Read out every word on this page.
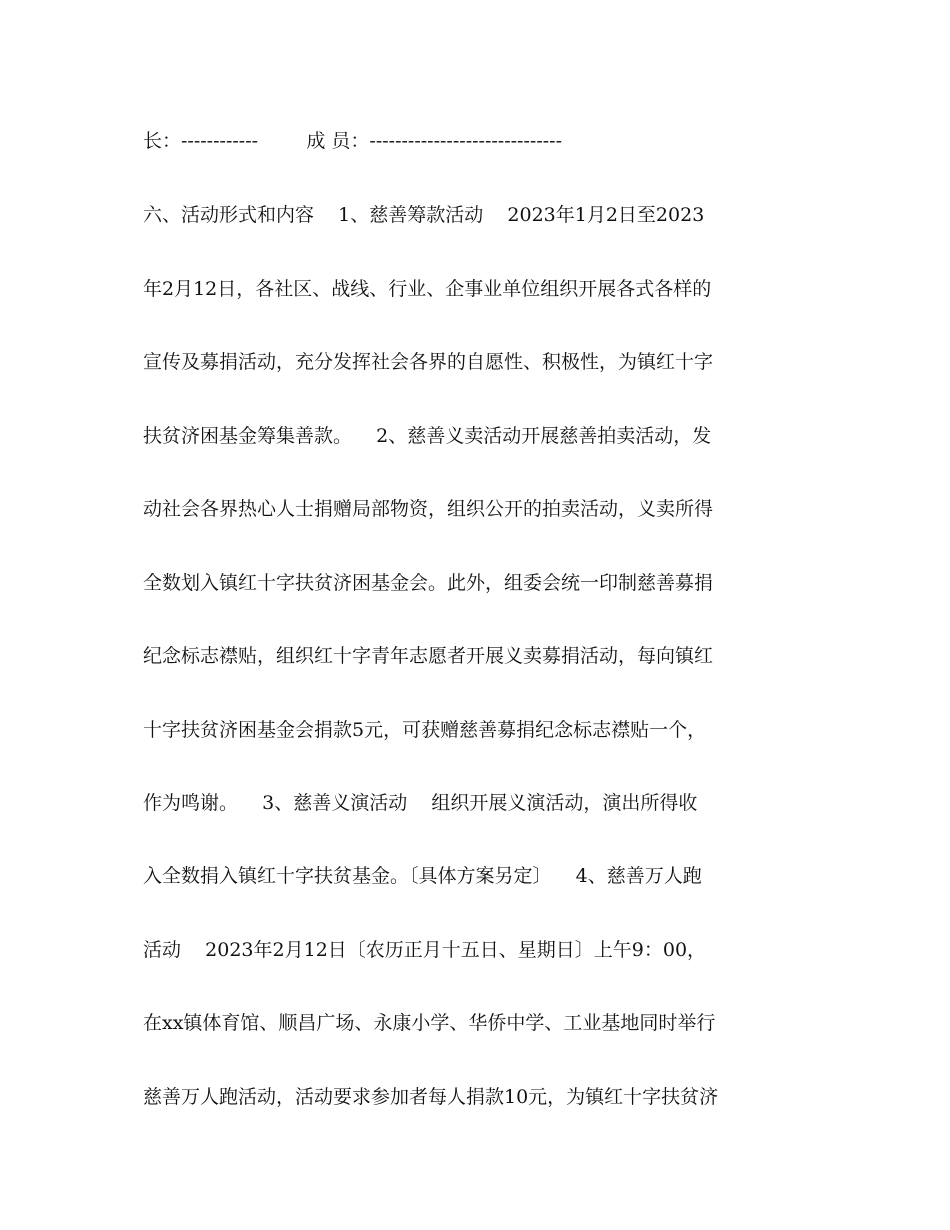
长：------------        成 员：------------------------------
六、活动形式和内容    1、慈善筹款活动    2023年1月2日至2023
年2月12日，各社区、战线、行业、企事业单位组织开展各式各样的
宣传及募捐活动，充分发挥社会各界的自愿性、积极性，为镇红十字
扶贫济困基金筹集善款。    2、慈善义卖活动开展慈善拍卖活动，发
动社会各界热心人士捐赠局部物资，组织公开的拍卖活动，义卖所得
全数划入镇红十字扶贫济困基金会。此外，组委会统一印制慈善募捐
纪念标志襟贴，组织红十字青年志愿者开展义卖募捐活动，每向镇红
十字扶贫济困基金会捐款5元，可获赠慈善募捐纪念标志襟贴一个，
作为鸣谢。    3、慈善义演活动    组织开展义演活动，演出所得收
入全数捐入镇红十字扶贫基金。〔具体方案另定〕    4、慈善万人跑
活动    2023年2月12日〔农历正月十五日、星期日〕上午9：00，
在xx镇体育馆、顺昌广场、永康小学、华侨中学、工业基地同时举行
慈善万人跑活动，活动要求参加者每人捐款10元，为镇红十字扶贫济
